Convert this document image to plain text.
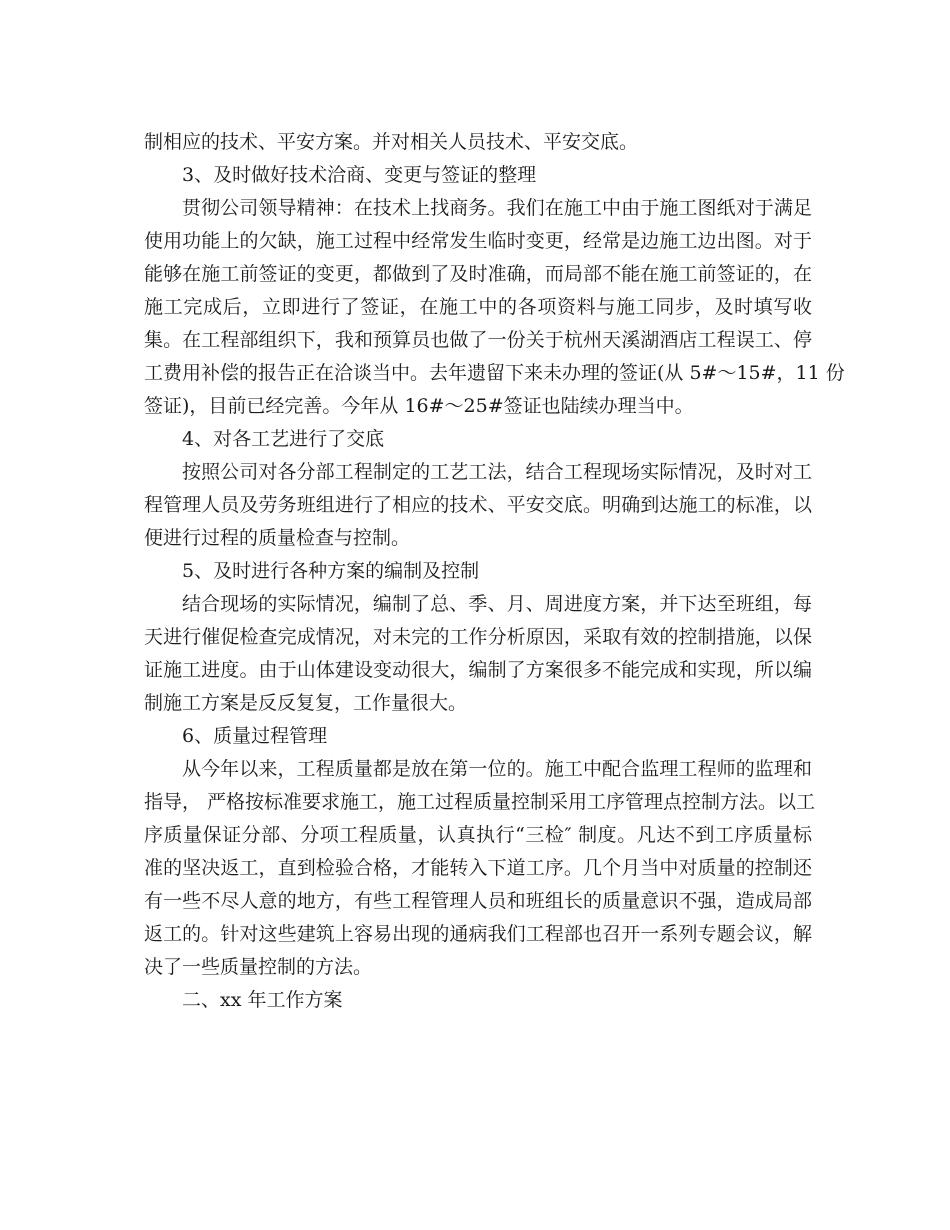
制相应的技术、平安方案。并对相关人员技术、平安交底。
3、及时做好技术洽商、变更与签证的整理
贯彻公司领导精神：在技术上找商务。我们在施工中由于施工图纸对于满足
使用功能上的欠缺，施工过程中经常发生临时变更，经常是边施工边出图。对于
能够在施工前签证的变更，都做到了及时准确，而局部不能在施工前签证的，在
施工完成后，立即进行了签证，在施工中的各项资料与施工同步，及时填写收
集。在工程部组织下，我和预算员也做了一份关于杭州天溪湖酒店工程误工、停
工费用补偿的报告正在洽谈当中。去年遗留下来未办理的签证(从 5#～15#，11 份
签证)，目前已经完善。今年从 16#～25#签证也陆续办理当中。
4、对各工艺进行了交底
按照公司对各分部工程制定的工艺工法，结合工程现场实际情况，及时对工
程管理人员及劳务班组进行了相应的技术、平安交底。明确到达施工的标准，以
便进行过程的质量检查与控制。
5、及时进行各种方案的编制及控制
结合现场的实际情况，编制了总、季、月、周进度方案，并下达至班组，每
天进行催促检查完成情况，对未完的工作分析原因，采取有效的控制措施，以保
证施工进度。由于山体建设变动很大，编制了方案很多不能完成和实现，所以编
制施工方案是反反复复，工作量很大。
6、质量过程管理
从今年以来，工程质量都是放在第一位的。施工中配合监理工程师的监理和
指导， 严格按标准要求施工，施工过程质量控制采用工序管理点控制方法。以工
序质量保证分部、分项工程质量，认真执行“三检″ 制度。凡达不到工序质量标
准的坚决返工，直到检验合格，才能转入下道工序。几个月当中对质量的控制还
有一些不尽人意的地方，有些工程管理人员和班组长的质量意识不强，造成局部
返工的。针对这些建筑上容易出现的通病我们工程部也召开一系列专题会议，解
决了一些质量控制的方法。
二、xx 年工作方案
